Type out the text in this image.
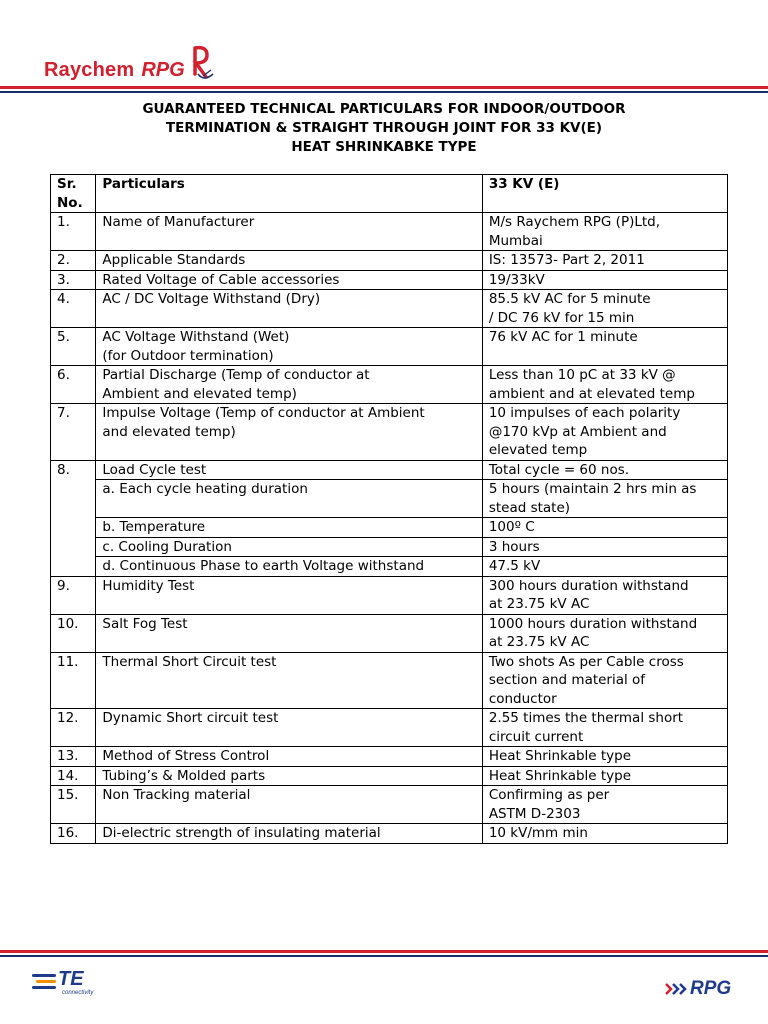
Raychem RPG
GUARANTEED TECHNICAL PARTICULARS FOR INDOOR/OUTDOOR
TERMINATION & STRAIGHT THROUGH JOINT FOR 33 KV(E)
HEAT SHRINKABKE TYPE
Sr.
No.	Particulars	33 KV (E)
1.	Name of Manufacturer	M/s Raychem RPG (P)Ltd,
Mumbai
2.	Applicable Standards	IS: 13573- Part 2, 2011
3.	Rated Voltage of Cable accessories	19/33kV
4.	AC / DC Voltage Withstand (Dry)	85.5 kV AC for 5 minute
/ DC 76 kV for 15 min
5.	AC Voltage Withstand (Wet)
(for Outdoor termination)	76 kV AC for 1 minute
6.	Partial Discharge (Temp of conductor at
Ambient and elevated temp)	Less than 10 pC at 33 kV @
ambient and at elevated temp
7.	Impulse Voltage (Temp of conductor at Ambient
and elevated temp)	10 impulses of each polarity
@170 kVp at Ambient and
elevated temp
8.	Load Cycle test	Total cycle = 60 nos.
	a. Each cycle heating duration	5 hours (maintain 2 hrs min as
stead state)
	b. Temperature	100º C
	c. Cooling Duration	3 hours
	d. Continuous Phase to earth Voltage withstand	47.5 kV
9.	Humidity Test	300 hours duration withstand
at 23.75 kV AC
10.	Salt Fog Test	1000 hours duration withstand
at 23.75 kV AC
11.	Thermal Short Circuit test	Two shots As per Cable cross
section and material of
conductor
12.	Dynamic Short circuit test	2.55 times the thermal short
circuit current
13.	Method of Stress Control	Heat Shrinkable type
14.	Tubing’s & Molded parts	Heat Shrinkable type
15.	Non Tracking material	Confirming as per
ASTM D-2303
16.	Di-electric strength of insulating material	10 kV/mm min
TE
connectivity	RPG
